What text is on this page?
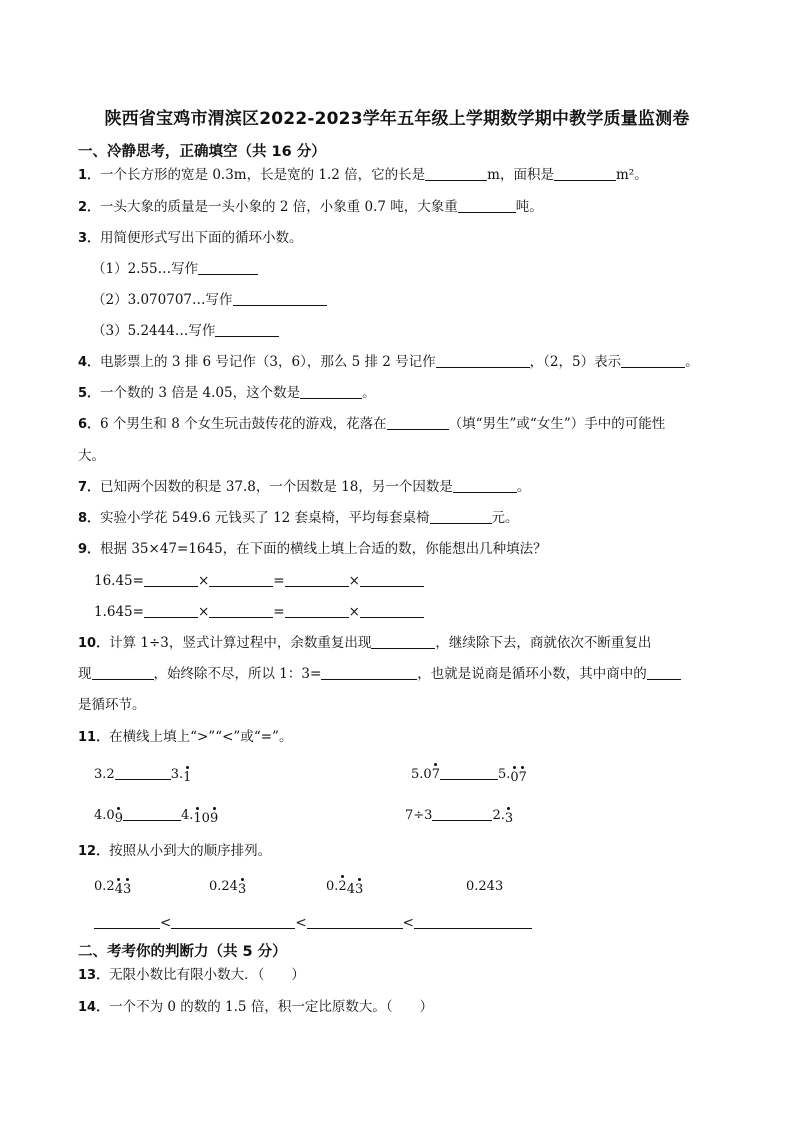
陕西省宝鸡市渭滨区2022-2023学年五年级上学期数学期中教学质量监测卷
一、冷静思考，正确填空（共 16 分）
1．一个长方形的宽是 0.3m，长是宽的 1.2 倍，它的长是	m，面积是	m²。
2．一头大象的质量是一头小象的 2 倍，小象重 0.7 吨，大象重	吨。
3．用简便形式写出下面的循环小数。
（1）2.55…写作
（2）3.070707…写作
（3）5.2444…写作
4．电影票上的 3 排 6 号记作（3，6），那么 5 排 2 号记作	，（2，5）表示	。
5．一个数的 3 倍是 4.05，这个数是	。
6．6 个男生和 8 个女生玩击鼓传花的游戏，花落在	（填“男生”或“女生”）手中的可能性
大。
7．已知两个因数的积是 37.8，一个因数是 18，另一个因数是	。
8．实验小学花 549.6 元钱买了 12 套桌椅，平均每套桌椅	元。
9．根据 35×47=1645，在下面的横线上填上合适的数，你能想出几种填法？
16.45=	×	=	×
1.645=	×	=	×
10．计算 1÷3，竖式计算过程中，余数重复出现	，继续除下去，商就依次不断重复出
现	，始终除不尽，所以 1：3=	，也就是说商是循环小数，其中商中的
是循环节。
11．在横线上填上“>”“<”或“=”。
3.2	3.1	5.07	5.07
4.09	4.109	7÷3	2.3
12．按照从小到大的顺序排列。
0.243	0.243	0.243	0.243
<	<	<
二、考考你的判断力（共 5 分）
13．无限小数比有限小数大．（　　）
14．一个不为 0 的数的 1.5 倍，积一定比原数大。（　　）
